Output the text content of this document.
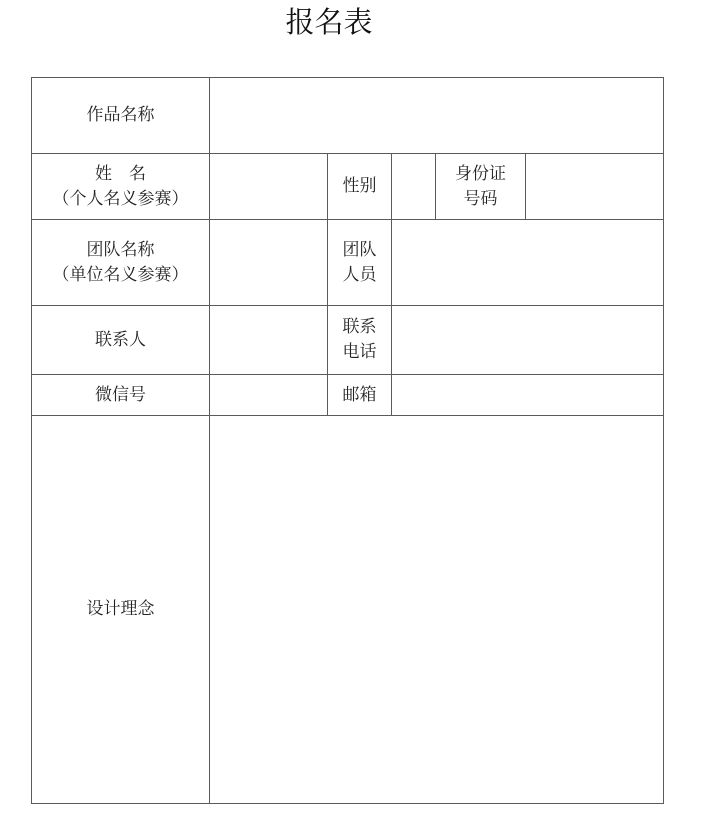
报名表
作品名称
姓　名
（个人名义参赛）
性别
身份证
号码
团队名称
（单位名义参赛）
团队
人员
联系人
联系
电话
微信号	邮箱
设计理念
